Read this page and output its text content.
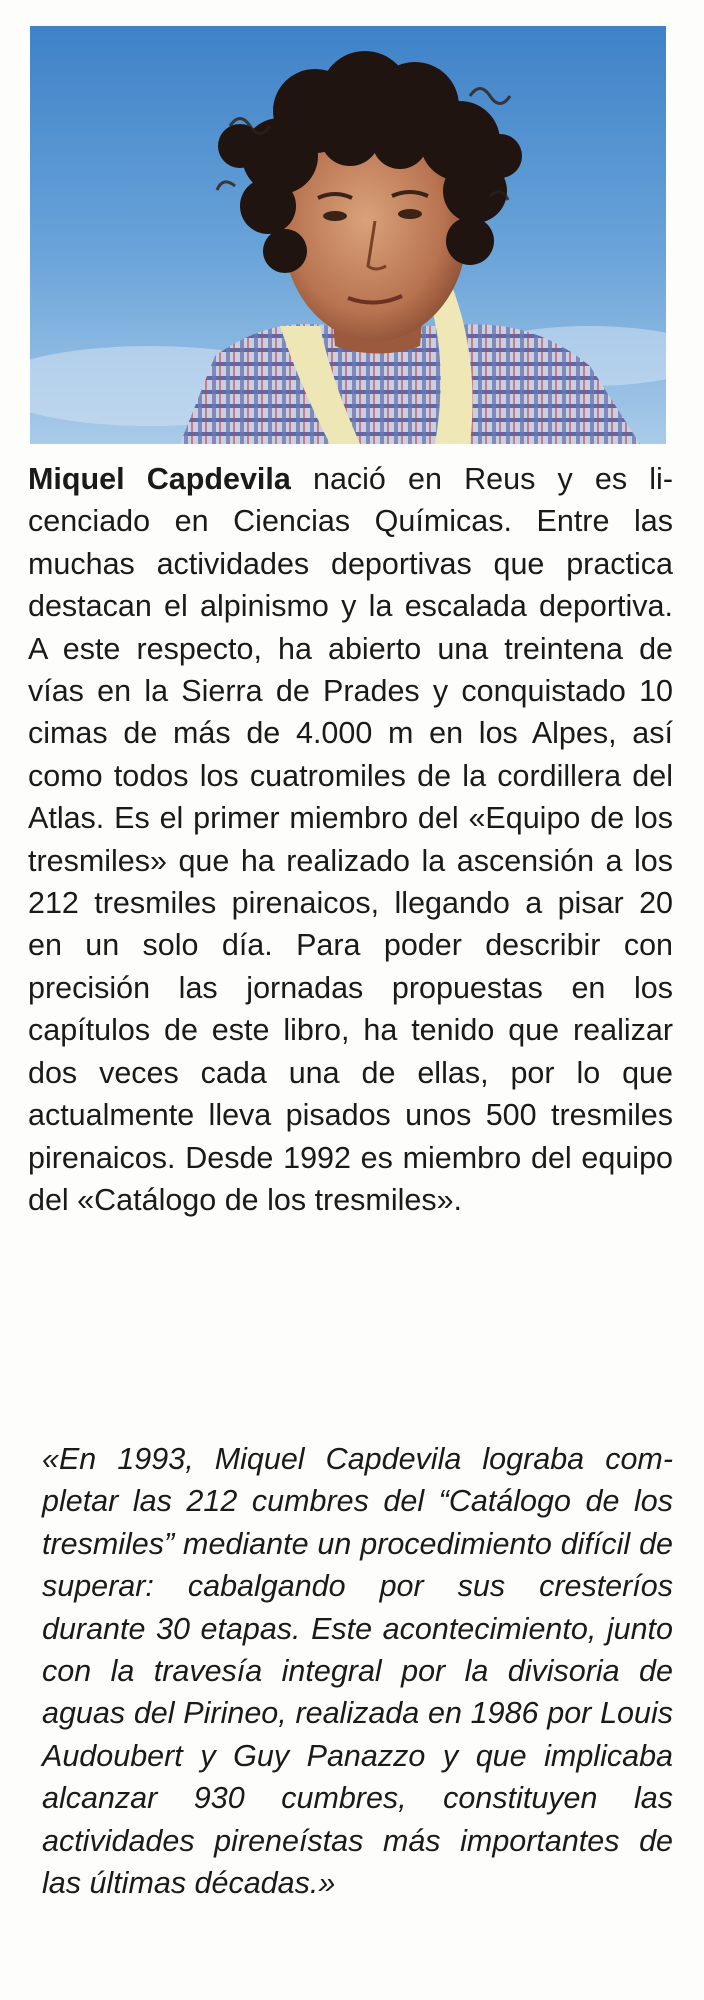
Miquel Capdevila nació en Reus y es licenciado en Ciencias Químicas. Entre las muchas actividades deportivas que practica destacan el alpinismo y la escalada deportiva. A este respecto, ha abierto una treintena de vías en la Sierra de Prades y conquistado 10 cimas de más de 4.000 m en los Alpes, así como todos los cuatromiles de la cordillera del Atlas. Es el primer miembro del «Equipo de los tresmiles» que ha realizado la ascensión a los 212 tresmiles pirenaicos, llegando a pisar 20 en un solo día. Para poder describir con precisión las jornadas propuestas en los capítulos de este libro, ha tenido que realizar dos veces cada una de ellas, por lo que actualmente lleva pisados unos 500 tresmiles pirenaicos. Desde 1992 es miembro del equipo del «Catálogo de los tresmiles».
«En 1993, Miquel Capdevila lograba completar las 212 cumbres del “Catálogo de los tresmiles” mediante un procedimiento difícil de superar: cabalgando por sus cresteríos durante 30 etapas. Este acontecimiento, junto con la travesía integral por la divisoria de aguas del Pirineo, realizada en 1986 por Louis Audoubert y Guy Panazzo y que implicaba alcanzar 930 cumbres, constituyen las actividades pireneístas más importantes de las últimas décadas.»
